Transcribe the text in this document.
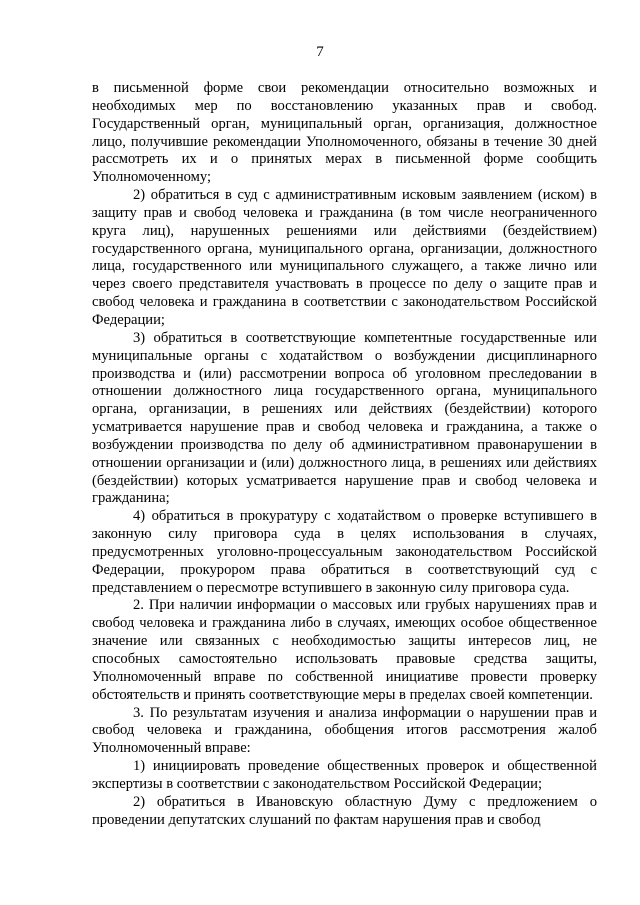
7

в письменной форме свои рекомендации относительно возможных и необходимых мер по восстановлению указанных прав и свобод. Государственный орган, муниципальный орган, организация, должностное лицо, получившие рекомендации Уполномоченного, обязаны в течение 30 дней рассмотреть их и о принятых мерах в письменной форме сообщить Уполномоченному;

2) обратиться в суд с административным исковым заявлением (иском) в защиту прав и свобод человека и гражданина (в том числе неограниченного круга лиц), нарушенных решениями или действиями (бездействием) государственного органа, муниципального органа, организации, должностного лица, государственного или муниципального служащего, а также лично или через своего представителя участвовать в процессе по делу о защите прав и свобод человека и гражданина в соответствии с законодательством Российской Федерации;

3) обратиться в соответствующие компетентные государственные или муниципальные органы с ходатайством о возбуждении дисциплинарного производства и (или) рассмотрении вопроса об уголовном преследовании в отношении должностного лица государственного органа, муниципального органа, организации, в решениях или действиях (бездействии) которого усматривается нарушение прав и свобод человека и гражданина, а также о возбуждении производства по делу об административном правонарушении в отношении организации и (или) должностного лица, в решениях или действиях (бездействии) которых усматривается нарушение прав и свобод человека и гражданина;

4) обратиться в прокуратуру с ходатайством о проверке вступившего в законную силу приговора суда в целях использования в случаях, предусмотренных уголовно-процессуальным законодательством Российской Федерации, прокурором права обратиться в соответствующий суд с представлением о пересмотре вступившего в законную силу приговора суда.

2. При наличии информации о массовых или грубых нарушениях прав и свобод человека и гражданина либо в случаях, имеющих особое общественное значение или связанных с необходимостью защиты интересов лиц, не способных самостоятельно использовать правовые средства защиты, Уполномоченный вправе по собственной инициативе провести проверку обстоятельств и принять соответствующие меры в пределах своей компетенции.

3. По результатам изучения и анализа информации о нарушении прав и свобод человека и гражданина, обобщения итогов рассмотрения жалоб Уполномоченный вправе:

1) инициировать проведение общественных проверок и общественной экспертизы в соответствии с законодательством Российской Федерации;

2) обратиться в Ивановскую областную Думу с предложением о проведении депутатских слушаний по фактам нарушения прав и свобод
